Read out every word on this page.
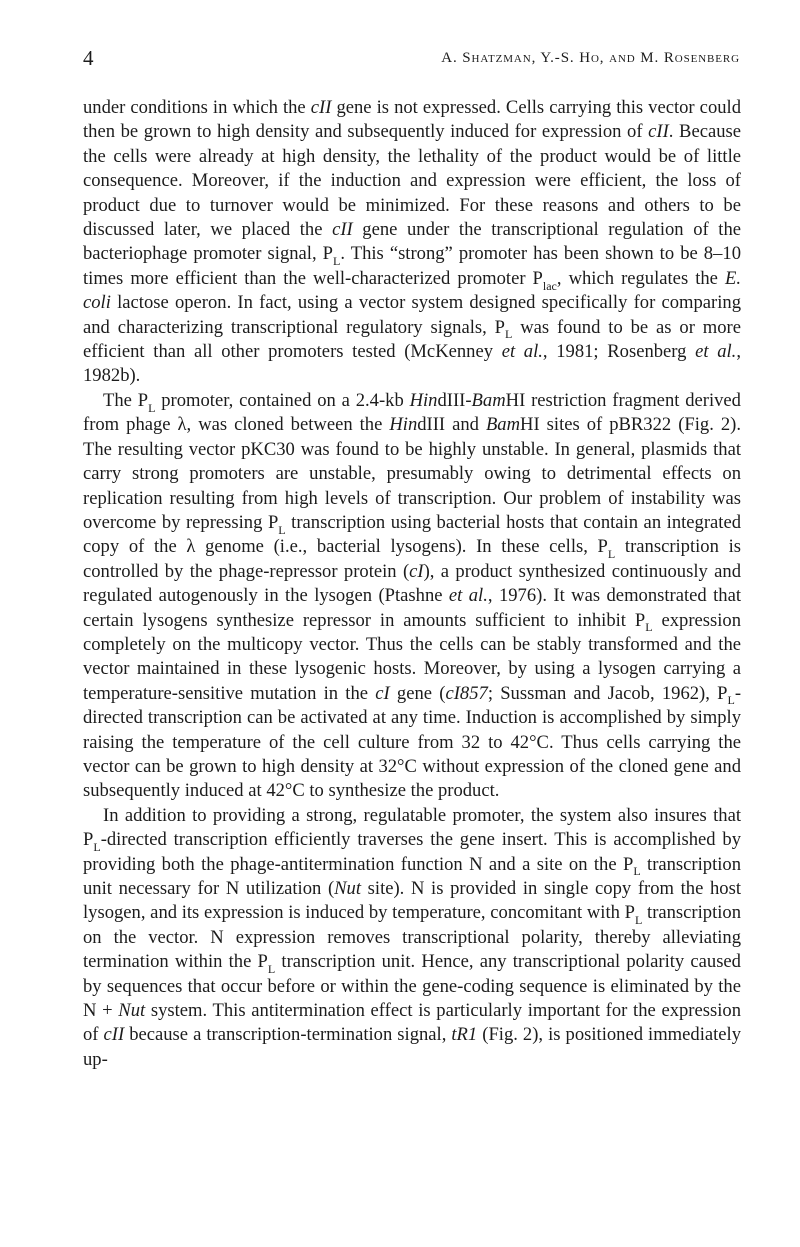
4	A. Shatzman, Y.-S. Ho, and M. Rosenberg

under conditions in which the cII gene is not expressed. Cells carrying this vector could then be grown to high density and subsequently induced for expression of cII. Because the cells were already at high density, the lethality of the product would be of little consequence. Moreover, if the induction and expression were efficient, the loss of product due to turnover would be minimized. For these reasons and others to be discussed later, we placed the cII gene under the transcriptional regulation of the bacteriophage promoter signal, $P_L$. This “strong” promoter has been shown to be 8–10 times more efficient than the well-characterized promoter $P_{lac}$, which regulates the E. coli lactose operon. In fact, using a vector system designed specifically for comparing and characterizing transcriptional regulatory signals, $P_L$ was found to be as or more efficient than all other promoters tested (McKenney et al., 1981; Rosenberg et al., 1982b).

The $P_L$ promoter, contained on a 2.4-kb HindIII-BamHI restriction fragment derived from phage λ, was cloned between the HindIII and BamHI sites of pBR322 (Fig. 2). The resulting vector pKC30 was found to be highly unstable. In general, plasmids that carry strong promoters are unstable, presumably owing to detrimental effects on replication resulting from high levels of transcription. Our problem of instability was overcome by repressing $P_L$ transcription using bacterial hosts that contain an integrated copy of the λ genome (i.e., bacterial lysogens). In these cells, $P_L$ transcription is controlled by the phage-repressor protein (cI), a product synthesized continuously and regulated autogenously in the lysogen (Ptashne et al., 1976). It was demonstrated that certain lysogens synthesize repressor in amounts sufficient to inhibit $P_L$ expression completely on the multicopy vector. Thus the cells can be stably transformed and the vector maintained in these lysogenic hosts. Moreover, by using a lysogen carrying a temperature-sensitive mutation in the cI gene (cI857; Sussman and Jacob, 1962), $P_L$-directed transcription can be activated at any time. Induction is accomplished by simply raising the temperature of the cell culture from 32 to 42°C. Thus cells carrying the vector can be grown to high density at 32°C without expression of the cloned gene and subsequently induced at 42°C to synthesize the product.

In addition to providing a strong, regulatable promoter, the system also insures that $P_L$-directed transcription efficiently traverses the gene insert. This is accomplished by providing both the phage-antitermination function N and a site on the $P_L$ transcription unit necessary for N utilization (Nut site). N is provided in single copy from the host lysogen, and its expression is induced by temperature, concomitant with $P_L$ transcription on the vector. N expression removes transcriptional polarity, thereby alleviating termination within the $P_L$ transcription unit. Hence, any transcriptional polarity caused by sequences that occur before or within the gene-coding sequence is eliminated by the N + Nut system. This antitermination effect is particularly important for the expression of cII because a transcription-termination signal, tR1 (Fig. 2), is positioned immediately up-
